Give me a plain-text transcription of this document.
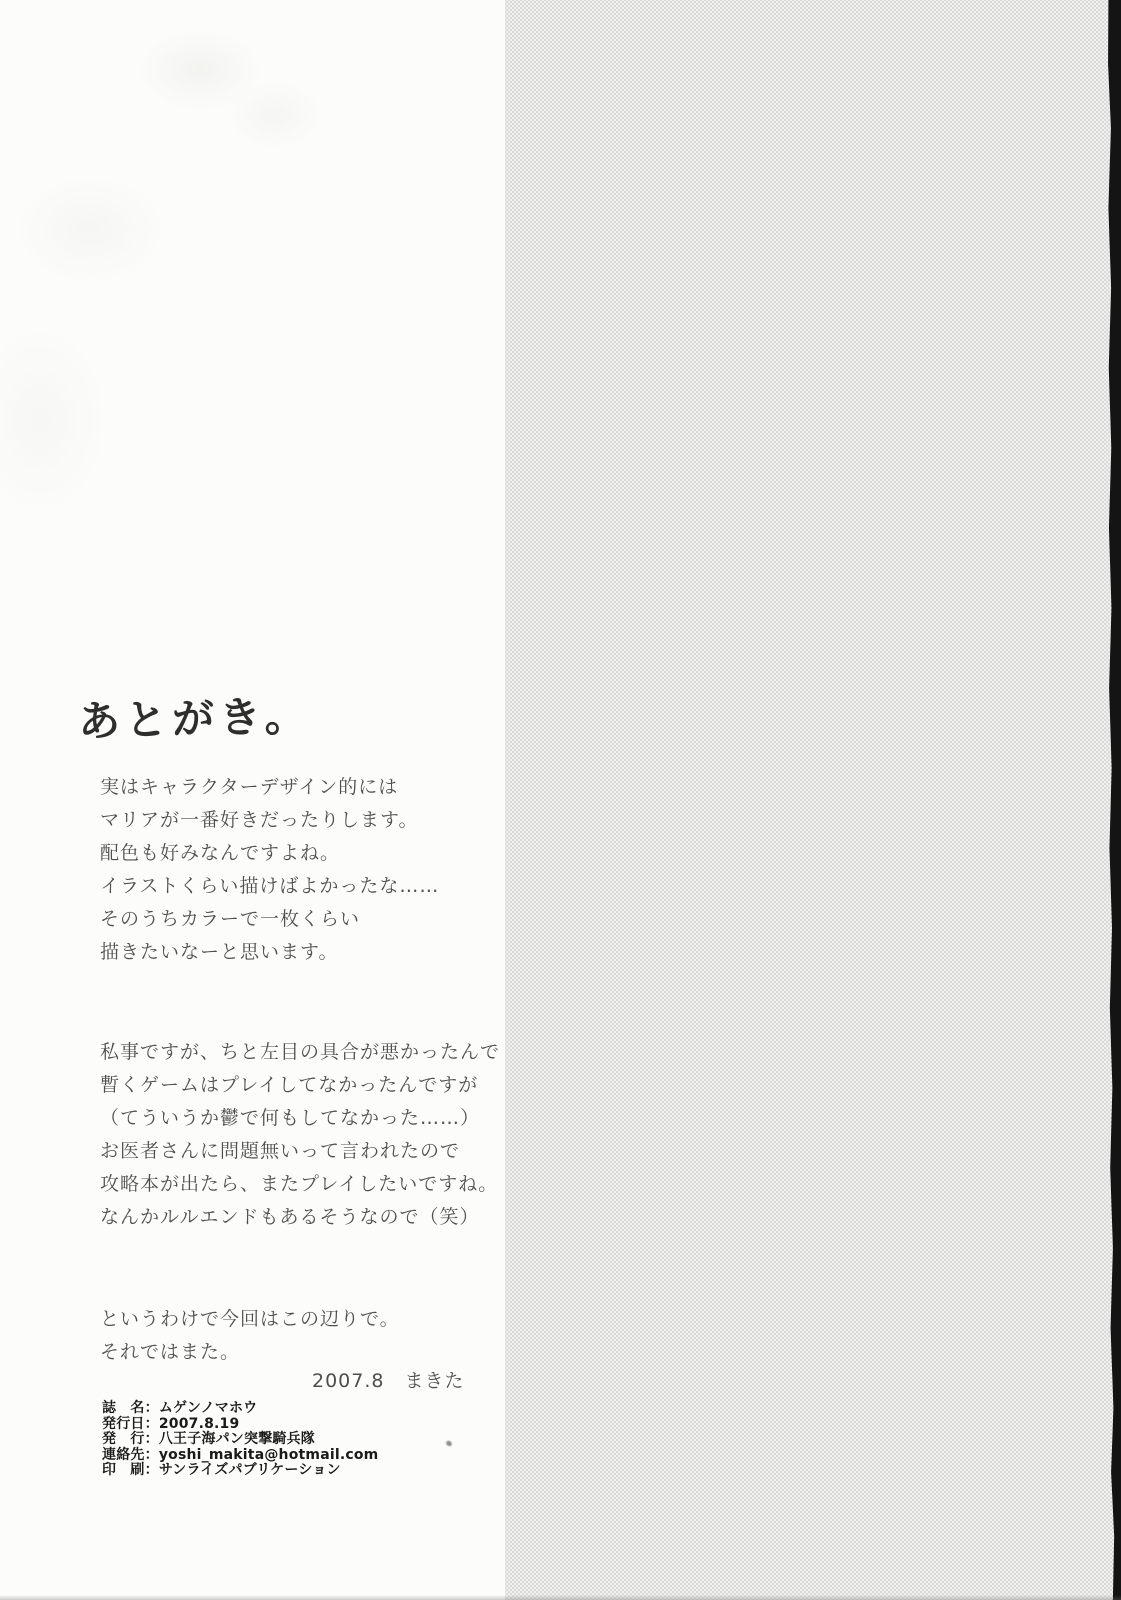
あとがき。
実はキャラクターデザイン的には
マリアが一番好きだったりします。
配色も好みなんですよね。
イラストくらい描けばよかったな……
そのうちカラーで一枚くらい
描きたいなーと思います。
私事ですが、ちと左目の具合が悪かったんで
暫くゲームはプレイしてなかったんですが
（てういうか鬱で何もしてなかった……）
お医者さんに問題無いって言われたので
攻略本が出たら、またプレイしたいですね。
なんかルルエンドもあるそうなので（笑）
というわけで今回はこの辺りで。
それではまた。
2007.8　まきた
誌　名：ムゲンノマホウ
発行日：2007.8.19
発　行：八王子海パン突撃騎兵隊
連絡先：yoshi_makita@hotmail.com
印　刷：サンライズパブリケーション
